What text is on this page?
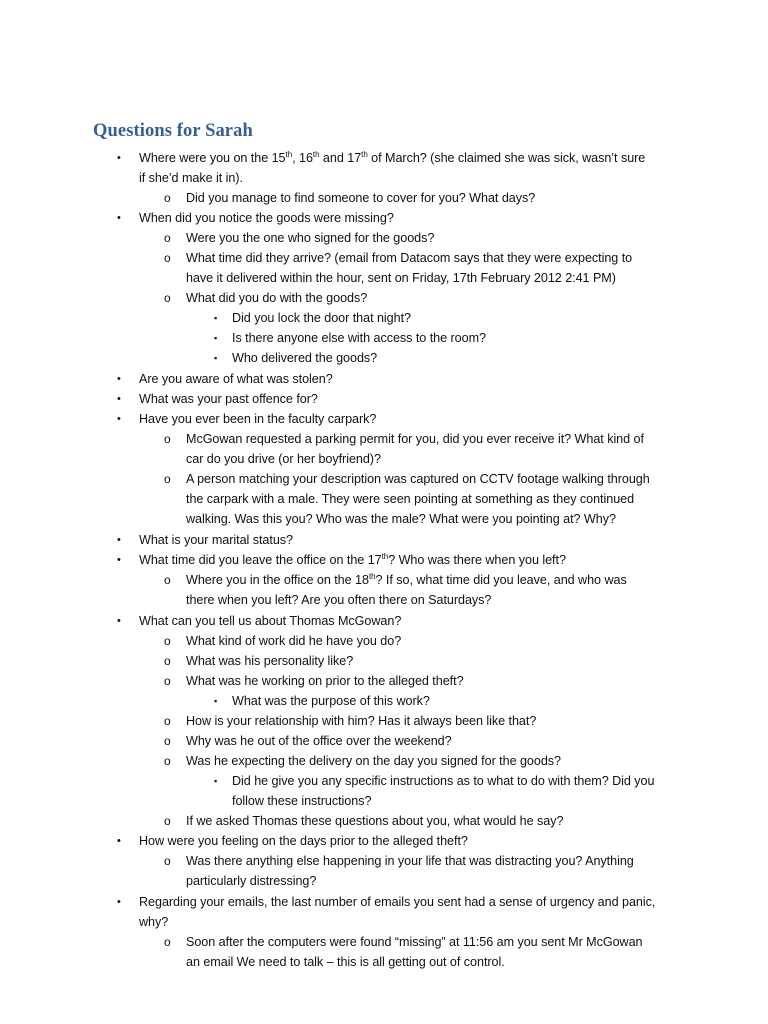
Questions for Sarah
• Where were you on the 15th, 16th and 17th of March? (she claimed she was sick, wasn’t sure
if she’d make it in).
o Did you manage to find someone to cover for you? What days?
• When did you notice the goods were missing?
o Were you the one who signed for the goods?
o What time did they arrive? (email from Datacom says that they were expecting to
have it delivered within the hour, sent on Friday, 17th February 2012 2:41 PM)
o What did you do with the goods?
▪ Did you lock the door that night?
▪ Is there anyone else with access to the room?
▪ Who delivered the goods?
• Are you aware of what was stolen?
• What was your past offence for?
• Have you ever been in the faculty carpark?
o McGowan requested a parking permit for you, did you ever receive it? What kind of
car do you drive (or her boyfriend)?
o A person matching your description was captured on CCTV footage walking through
the carpark with a male. They were seen pointing at something as they continued
walking. Was this you? Who was the male? What were you pointing at? Why?
• What is your marital status?
• What time did you leave the office on the 17th? Who was there when you left?
o Where you in the office on the 18th? If so, what time did you leave, and who was
there when you left? Are you often there on Saturdays?
• What can you tell us about Thomas McGowan?
o What kind of work did he have you do?
o What was his personality like?
o What was he working on prior to the alleged theft?
▪ What was the purpose of this work?
o How is your relationship with him? Has it always been like that?
o Why was he out of the office over the weekend?
o Was he expecting the delivery on the day you signed for the goods?
▪ Did he give you any specific instructions as to what to do with them? Did you
follow these instructions?
o If we asked Thomas these questions about you, what would he say?
• How were you feeling on the days prior to the alleged theft?
o Was there anything else happening in your life that was distracting you? Anything
particularly distressing?
• Regarding your emails, the last number of emails you sent had a sense of urgency and panic,
why?
o Soon after the computers were found “missing” at 11:56 am you sent Mr McGowan
an email We need to talk – this is all getting out of control.
